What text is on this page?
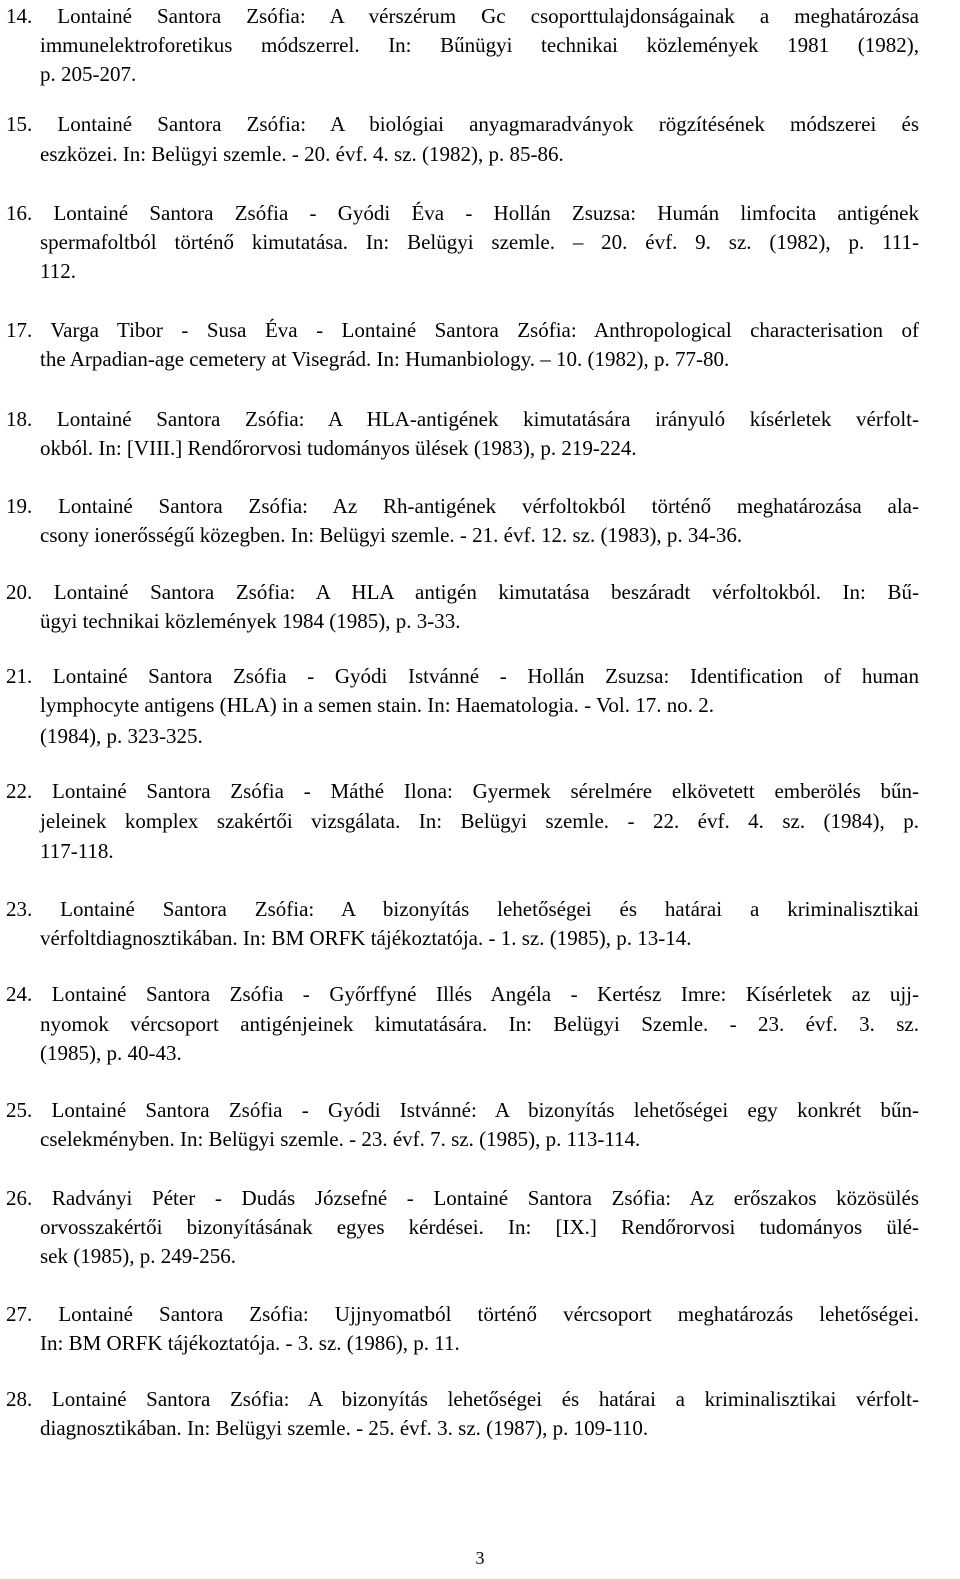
14. Lontainé Santora Zsófia: A vérszérum Gc csoporttulajdonságainak a meghatározása
immunelektroforetikus módszerrel. In: Bűnügyi technikai közlemények 1981 (1982),
p. 205-207.
15. Lontainé Santora Zsófia: A biológiai anyagmaradványok rögzítésének módszerei és
eszközei. In: Belügyi szemle. - 20. évf. 4. sz. (1982), p. 85-86.
16. Lontainé Santora Zsófia - Gyódi Éva - Hollán Zsuzsa: Humán limfocita antigének
spermafoltból történő kimutatása. In: Belügyi szemle. – 20. évf. 9. sz. (1982), p. 111-
112.
17. Varga Tibor - Susa Éva - Lontainé Santora Zsófia: Anthropological characterisation of
the Arpadian-age cemetery at Visegrád. In: Humanbiology. – 10. (1982), p. 77-80.
18. Lontainé Santora Zsófia: A HLA-antigének kimutatására irányuló kísérletek vérfolt-
okból. In: [VIII.] Rendőrorvosi tudományos ülések (1983), p. 219-224.
19. Lontainé Santora Zsófia: Az Rh-antigének vérfoltokból történő meghatározása ala-
csony ionerősségű közegben. In: Belügyi szemle. - 21. évf. 12. sz. (1983), p. 34-36.
20. Lontainé Santora Zsófia: A HLA antigén kimutatása beszáradt vérfoltokból. In: Bű-
ügyi technikai közlemények 1984 (1985), p. 3-33.
21. Lontainé Santora Zsófia - Gyódi Istvánné - Hollán Zsuzsa: Identification of human
lymphocyte antigens (HLA) in a semen stain. In: Haematologia. - Vol. 17. no. 2.
(1984), p. 323-325.
22. Lontainé Santora Zsófia - Máthé Ilona: Gyermek sérelmére elkövetett emberölés bűn-
jeleinek komplex szakértői vizsgálata. In: Belügyi szemle. - 22. évf. 4. sz. (1984), p.
117-118.
23. Lontainé Santora Zsófia: A bizonyítás lehetőségei és határai a kriminalisztikai
vérfoltdiagnosztikában. In: BM ORFK tájékoztatója. - 1. sz. (1985), p. 13-14.
24. Lontainé Santora Zsófia - Győrffyné Illés Angéla - Kertész Imre: Kísérletek az ujj-
nyomok vércsoport antigénjeinek kimutatására. In: Belügyi Szemle. - 23. évf. 3. sz.
(1985), p. 40-43.
25. Lontainé Santora Zsófia - Gyódi Istvánné: A bizonyítás lehetőségei egy konkrét bűn-
cselekményben. In: Belügyi szemle. - 23. évf. 7. sz. (1985), p. 113-114.
26. Radványi Péter - Dudás Józsefné - Lontainé Santora Zsófia: Az erőszakos közösülés
orvosszakértői bizonyításának egyes kérdései. In: [IX.] Rendőrorvosi tudományos ülé-
sek (1985), p. 249-256.
27. Lontainé Santora Zsófia: Ujjnyomatból történő vércsoport meghatározás lehetőségei.
In: BM ORFK tájékoztatója. - 3. sz. (1986), p. 11.
28. Lontainé Santora Zsófia: A bizonyítás lehetőségei és határai a kriminalisztikai vérfolt-
diagnosztikában. In: Belügyi szemle. - 25. évf. 3. sz. (1987), p. 109-110.
3
